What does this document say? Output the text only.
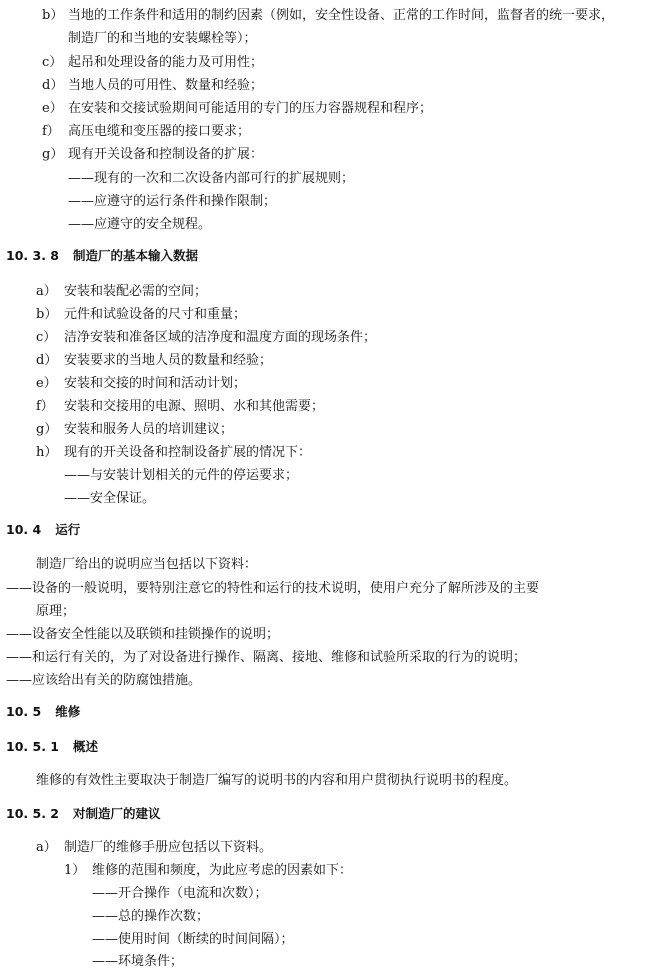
b） 当地的工作条件和适用的制约因素（例如，安全性设备、正常的工作时间，监督者的统一要求，
制造厂的和当地的安装螺栓等）；
c） 起吊和处理设备的能力及可用性；
d） 当地人员的可用性、数量和经验；
e） 在安装和交接试验期间可能适用的专门的压力容器规程和程序；
f） 高压电缆和变压器的接口要求；
g） 现有开关设备和控制设备的扩展：
——现有的一次和二次设备内部可行的扩展规则；
——应遵守的运行条件和操作限制；
——应遵守的安全规程。
10. 3. 8 制造厂的基本输入数据
a） 安装和装配必需的空间；
b） 元件和试验设备的尺寸和重量；
c） 洁净安装和准备区域的洁净度和温度方面的现场条件；
d） 安装要求的当地人员的数量和经验；
e） 安装和交接的时间和活动计划；
f） 安装和交接用的电源、照明、水和其他需要；
g） 安装和服务人员的培训建议；
h） 现有的开关设备和控制设备扩展的情况下：
——与安装计划相关的元件的停运要求；
——安全保证。
10. 4 运行
制造厂给出的说明应当包括以下资料：
——设备的一般说明，要特别注意它的特性和运行的技术说明，使用户充分了解所涉及的主要
原理；
——设备安全性能以及联锁和挂锁操作的说明；
——和运行有关的，为了对设备进行操作、隔离、接地、维修和试验所采取的行为的说明；
——应该给出有关的防腐蚀措施。
10. 5 维修
10. 5. 1 概述
维修的有效性主要取决于制造厂编写的说明书的内容和用户贯彻执行说明书的程度。
10. 5. 2 对制造厂的建议
a） 制造厂的维修手册应包括以下资料。
1） 维修的范围和频度，为此应考虑的因素如下：
——开合操作（电流和次数）；
——总的操作次数；
——使用时间（断续的时间间隔）；
——环境条件；
